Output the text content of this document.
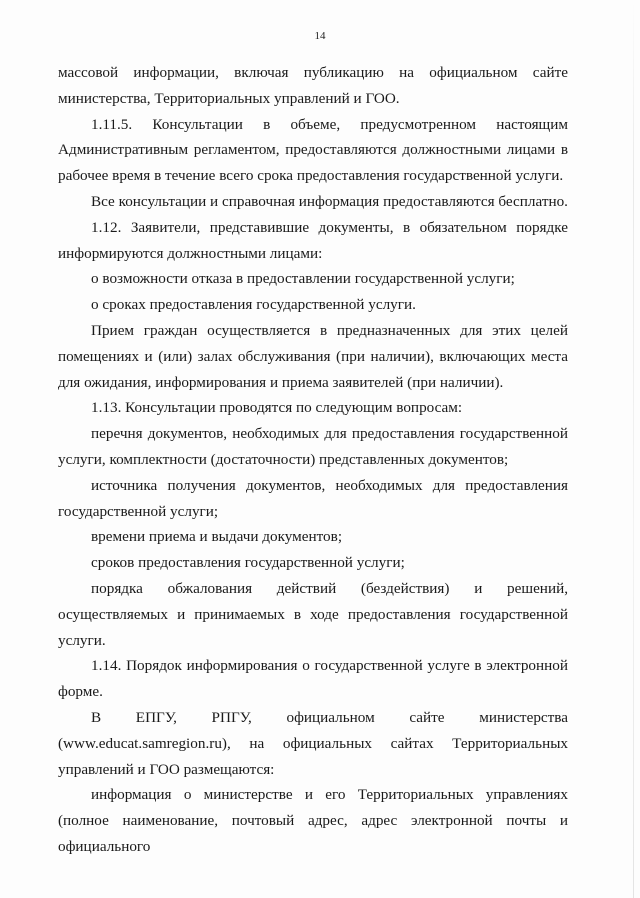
14

массовой информации, включая публикацию на официальном сайте министерства, Территориальных управлений и ГОО.

1.11.5. Консультации в объеме, предусмотренном настоящим Административным регламентом, предоставляются должностными лицами в рабочее время в течение всего срока предоставления государственной услуги.

Все консультации и справочная информация предоставляются бесплатно.

1.12. Заявители, представившие документы, в обязательном порядке информируются должностными лицами:

о возможности отказа в предоставлении государственной услуги;

о сроках предоставления государственной услуги.

Прием граждан осуществляется в предназначенных для этих целей помещениях и (или) залах обслуживания (при наличии), включающих места для ожидания, информирования и приема заявителей (при наличии).

1.13. Консультации проводятся по следующим вопросам:

перечня документов, необходимых для предоставления государственной услуги, комплектности (достаточности) представленных документов;

источника получения документов, необходимых для предоставления государственной услуги;

времени приема и выдачи документов;

сроков предоставления государственной услуги;

порядка обжалования действий (бездействия) и решений, осуществляемых и принимаемых в ходе предоставления государственной услуги.

1.14. Порядок информирования о государственной услуге в электронной форме.

В ЕПГУ, РПГУ, официальном сайте министерства (www.educat.samregion.ru), на официальных сайтах Территориальных управлений и ГОО размещаются:

информация о министерстве и его Территориальных управлениях (полное наименование, почтовый адрес, адрес электронной почты и официального
